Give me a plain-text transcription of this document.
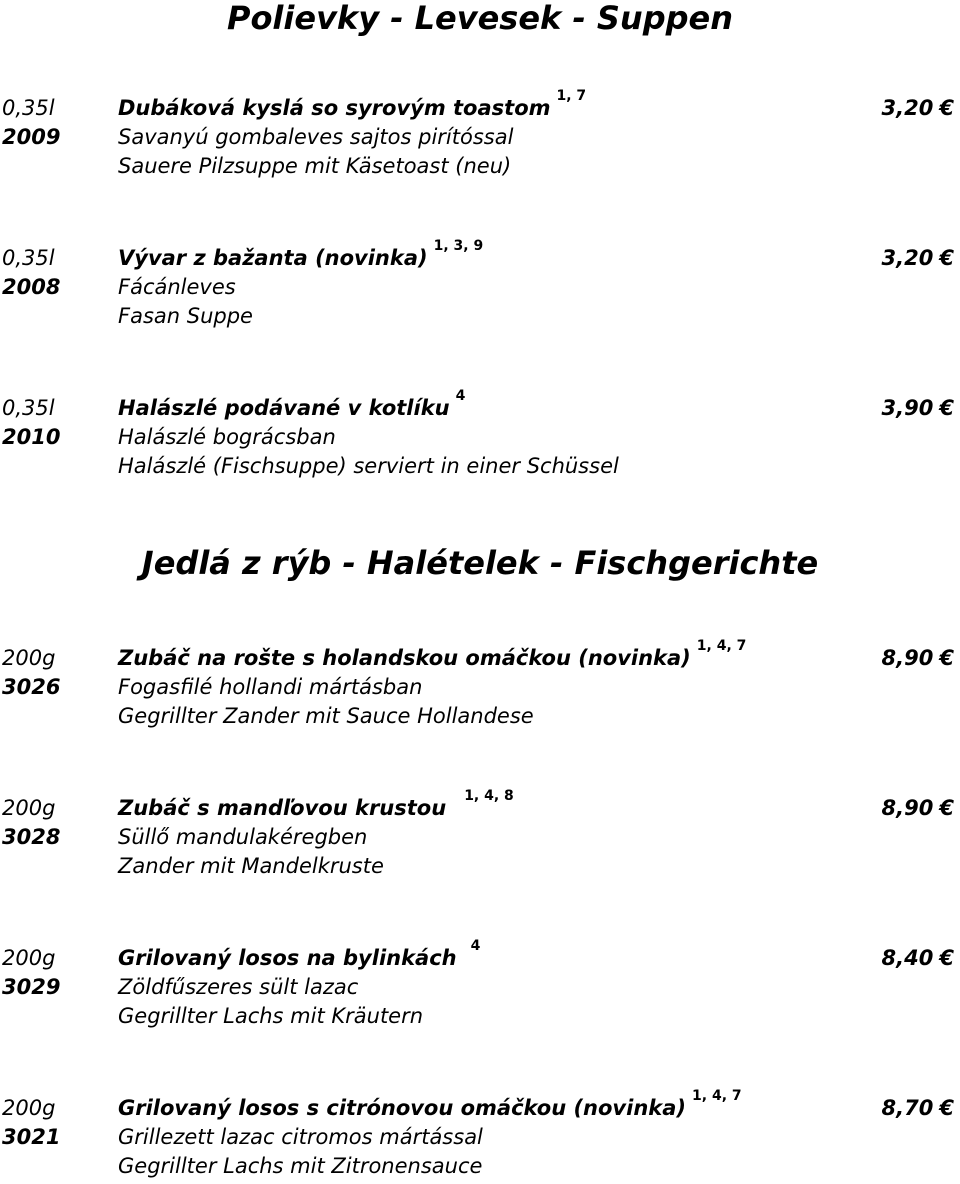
Polievky - Levesek - Suppen
0,35l
2009
Dubáková kyslá so syrovým toastom $^{1, 7}$
Savanyú gombaleves sajtos pirítóssal
Sauere Pilzsuppe mit Käsetoast (neu)
3,20 €
0,35l
2008
Vývar z bažanta (novinka) $^{1, 3, 9}$
Fácánleves
Fasan Suppe
3,20 €
0,35l
2010
Halászlé podávané v kotlíku $^4$
Halászlé bográcsban
Halászlé (Fischsuppe) serviert in einer Schüssel
3,90 €
Jedlá z rýb - Halételek - Fischgerichte
200g
3026
Zubáč na rošte s holandskou omáčkou (novinka) $^{1, 4, 7}$
Fogasfilé hollandi mártásban
Gegrillter Zander mit Sauce Hollandese
8,90 €
200g
3028
Zubáč s mandľovou krustou $^{1, 4, 8}$
Süllő mandulakéregben
Zander mit Mandelkruste
8,90 €
200g
3029
Grilovaný losos na bylinkách $^4$
Zöldfűszeres sült lazac
Gegrillter Lachs mit Kräutern
8,40 €
200g
3021
Grilovaný losos s citrónovou omáčkou (novinka) $^{1, 4, 7}$
Grillezett lazac citromos mártással
Gegrillter Lachs mit Zitronensauce
8,70 €
